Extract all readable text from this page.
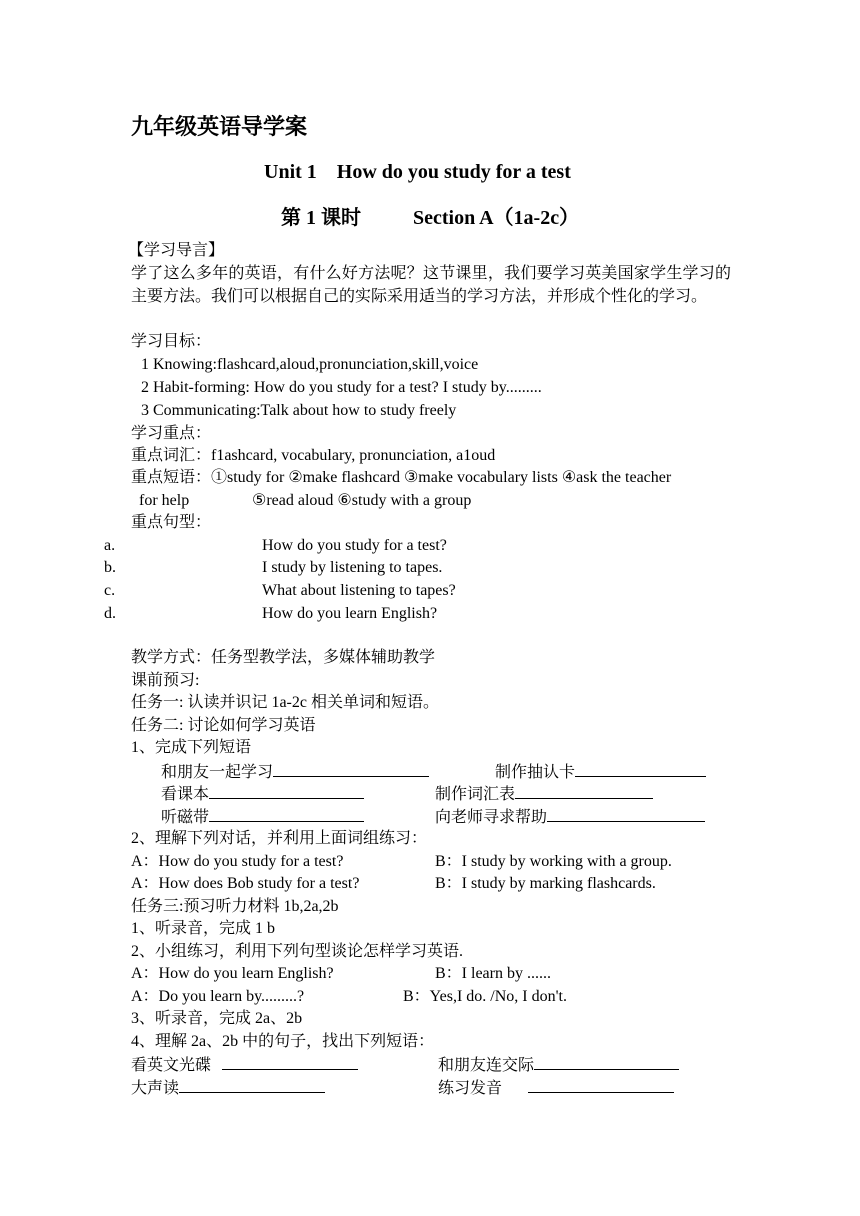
九年级英语导学案
Unit 1　How do you study for a test
第 1 课时	Section A（1a-2c）
【学习导言】
学了这么多年的英语，有什么好方法呢？这节课里，我们要学习英美国家学生学习的主要方法。我们可以根据自己的实际采用适当的学习方法，并形成个性化的学习。
学习目标：
1 Knowing:flashcard,aloud,pronunciation,skill,voice
2 Habit-forming: How do you study for a test? I study by.........
3 Communicating:Talk about how to study freely
学习重点：
重点词汇：f1ashcard, vocabulary, pronunciation, a1oud
重点短语：①study for ②make flashcard ③make vocabulary lists ④ask the teacher
for help	⑤read aloud ⑥study with a group
重点句型：
a.	How do you study for a test?
b.	I study by listening to tapes.
c.	What about listening to tapes?
d.	How do you learn English?
教学方式：任务型教学法，多媒体辅助教学
课前预习:
任务一: 认读并识记 1a-2c 相关单词和短语。
任务二: 讨论如何学习英语
1、完成下列短语
和朋友一起学习	制作抽认卡
看课本	制作词汇表
听磁带	向老师寻求帮助
2、理解下列对话，并利用上面词组练习：
A：How do you study for a test?	B：I study by working with a group.
A：How does Bob study for a test?	B：I study by marking flashcards.
任务三:预习听力材料 1b,2a,2b
1、听录音，完成 1 b
2、小组练习，利用下列句型谈论怎样学习英语.
A：How do you learn English?	B：I learn by ......
A：Do you learn by.........?	B：Yes,I do. /No, I don't.
3、听录音，完成 2a、2b
4、理解 2a、2b 中的句子，找出下列短语：
看英文光碟	和朋友连交际
大声读	练习发音
